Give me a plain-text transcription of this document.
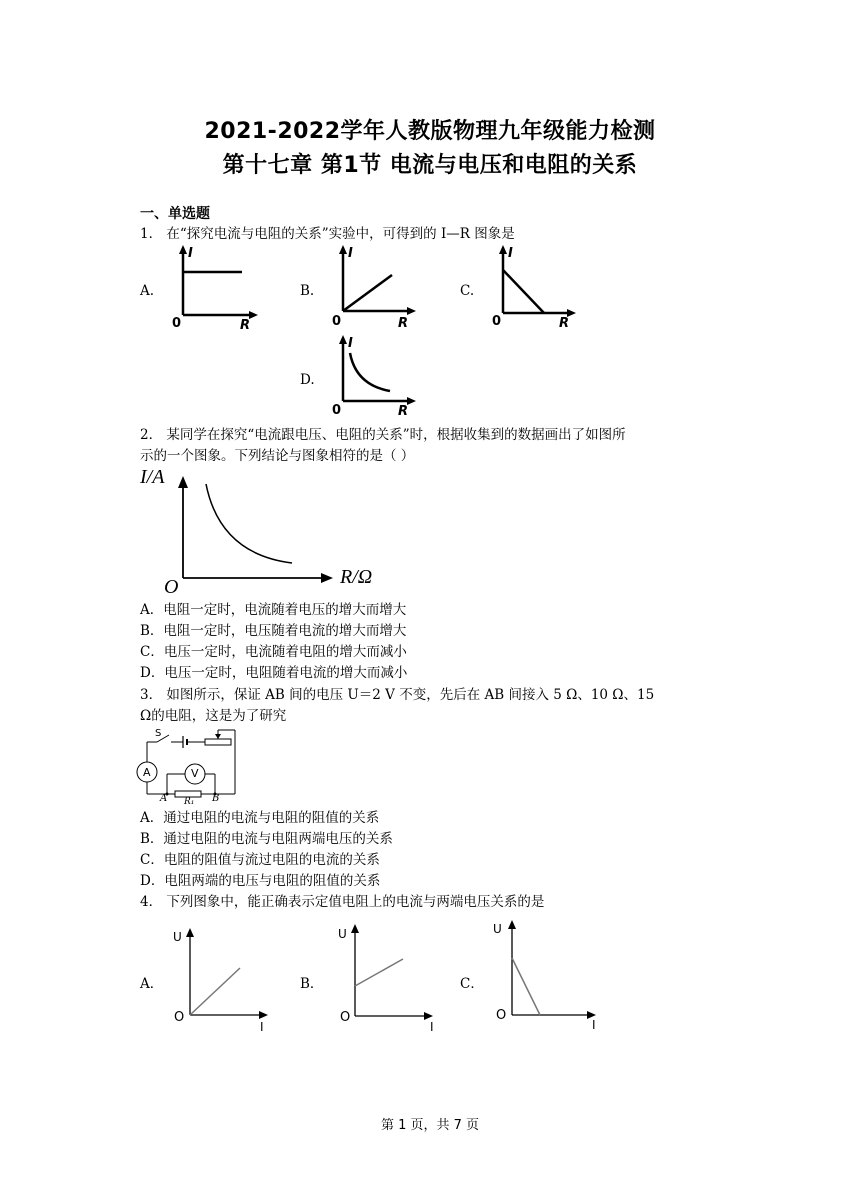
2021-2022学年人教版物理九年级能力检测
第十七章 第1节 电流与电压和电阻的关系
一、单选题
1． 在“探究电流与电阻的关系”实验中，可得到的 I—R 图象是
A.
I
R
0
B.
I
R
0
C.
I
R
0
D.
I
R
0
2． 某同学在探究“电流跟电压、电阻的关系”时，根据收集到的数据画出了如图所
示的一个图象。下列结论与图象相符的是（ ）
I/A
R/Ω
O
A．电阻一定时，电流随着电压的增大而增大
B．电阻一定时，电压随着电流的增大而增大
C．电压一定时，电流随着电阻的增大而减小
D．电压一定时，电阻随着电流的增大而减小
3． 如图所示，保证 AB 间的电压 U＝2 V 不变，先后在 AB 间接入 5 Ω、10 Ω、15
Ω的电阻，这是为了研究
S
A	V
A R₁ B
A．通过电阻的电流与电阻的阻值的关系
B．通过电阻的电流与电阻两端电压的关系
C．电阻的阻值与流过电阻的电流的关系
D．电阻两端的电压与电阻的阻值的关系
4． 下列图象中，能正确表示定值电阻上的电流与两端电压关系的是
A．
U
I
O
B．
U
I
O
C．
U
I
O
第 1 页，共 7 页
